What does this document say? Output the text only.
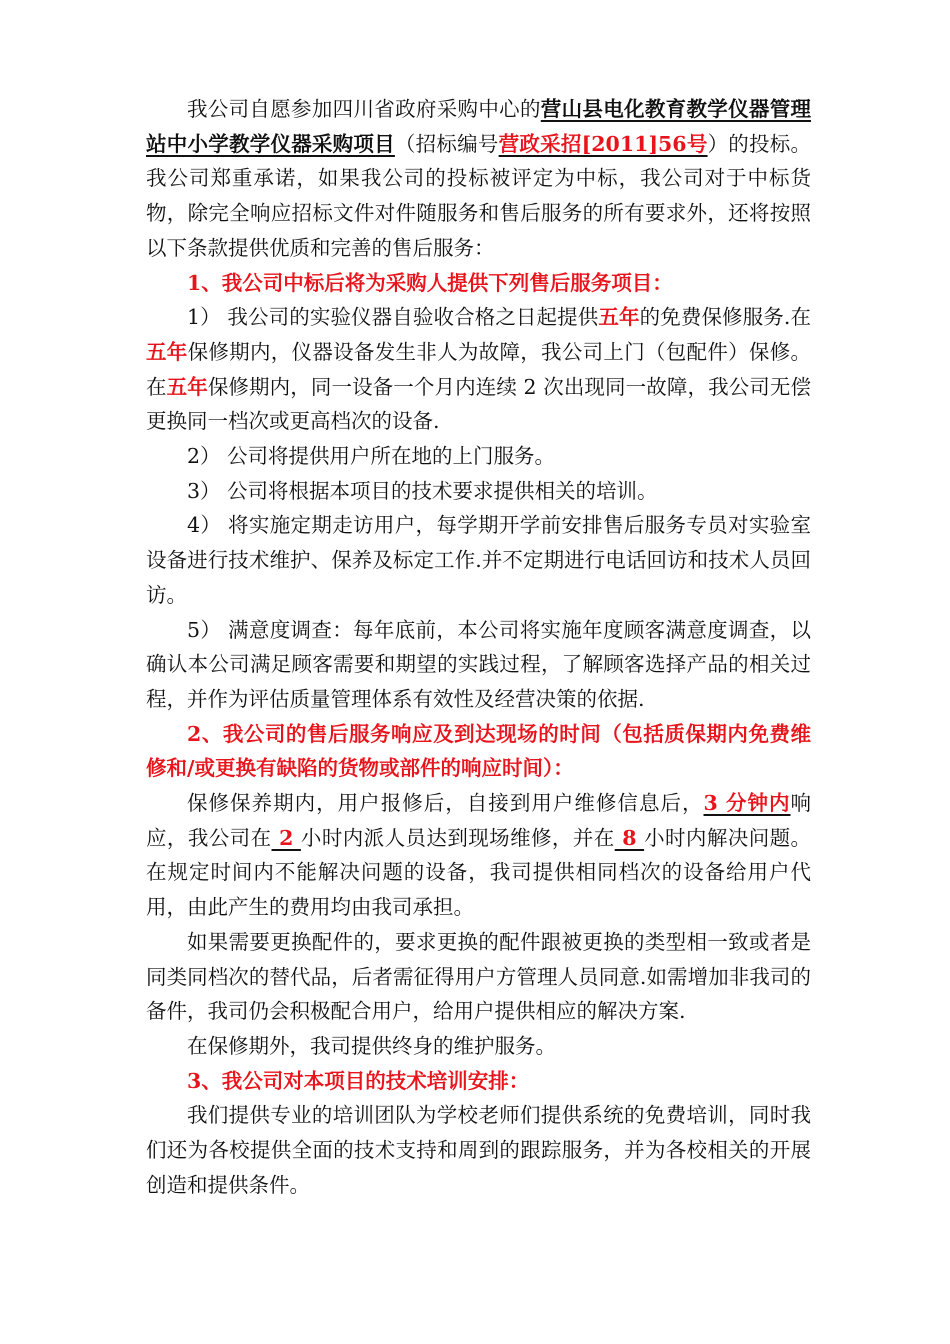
我公司自愿参加四川省政府采购中心的营山县电化教育教学仪器管理站中小学教学仪器采购项目（招标编号营政采招[2011]56号）的投标。我公司郑重承诺，如果我公司的投标被评定为中标，我公司对于中标货物，除完全响应招标文件对件随服务和售后服务的所有要求外，还将按照以下条款提供优质和完善的售后服务：

1、我公司中标后将为采购人提供下列售后服务项目：

1） 我公司的实验仪器自验收合格之日起提供五年的免费保修服务.在五年保修期内，仪器设备发生非人为故障，我公司上门（包配件）保修。在五年保修期内，同一设备一个月内连续 2 次出现同一故障，我公司无偿更换同一档次或更高档次的设备.

2） 公司将提供用户所在地的上门服务。

3） 公司将根据本项目的技术要求提供相关的培训。

4） 将实施定期走访用户，每学期开学前安排售后服务专员对实验室设备进行技术维护、保养及标定工作.并不定期进行电话回访和技术人员回访。

5） 满意度调查：每年底前，本公司将实施年度顾客满意度调查，以确认本公司满足顾客需要和期望的实践过程，了解顾客选择产品的相关过程，并作为评估质量管理体系有效性及经营决策的依据.

2、我公司的售后服务响应及到达现场的时间（包括质保期内免费维修和/或更换有缺陷的货物或部件的响应时间）：

保修保养期内，用户报修后，自接到用户维修信息后，3 分钟内响应，我公司在 2 小时内派人员达到现场维修，并在 8 小时内解决问题。在规定时间内不能解决问题的设备，我司提供相同档次的设备给用户代用，由此产生的费用均由我司承担。

如果需要更换配件的，要求更换的配件跟被更换的类型相一致或者是同类同档次的替代品，后者需征得用户方管理人员同意.如需增加非我司的备件，我司仍会积极配合用户，给用户提供相应的解决方案.

在保修期外，我司提供终身的维护服务。

3、我公司对本项目的技术培训安排：

我们提供专业的培训团队为学校老师们提供系统的免费培训，同时我们还为各校提供全面的技术支持和周到的跟踪服务，并为各校相关的开展创造和提供条件。
